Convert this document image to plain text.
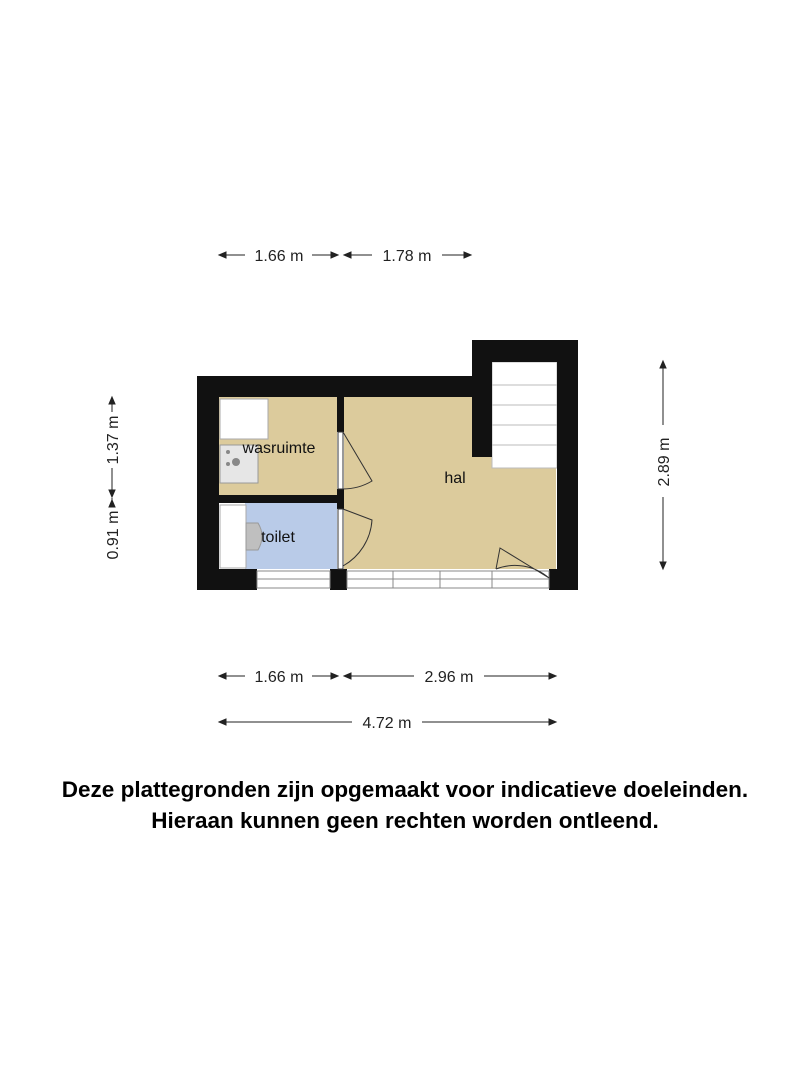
wasruimte
hal
toilet
1.66 m	1.78 m
1.37 m
0.91 m
2.89 m
1.66 m	2.96 m
4.72 m
Deze plattegronden zijn opgemaakt voor indicatieve doeleinden.
Hieraan kunnen geen rechten worden ontleend.
